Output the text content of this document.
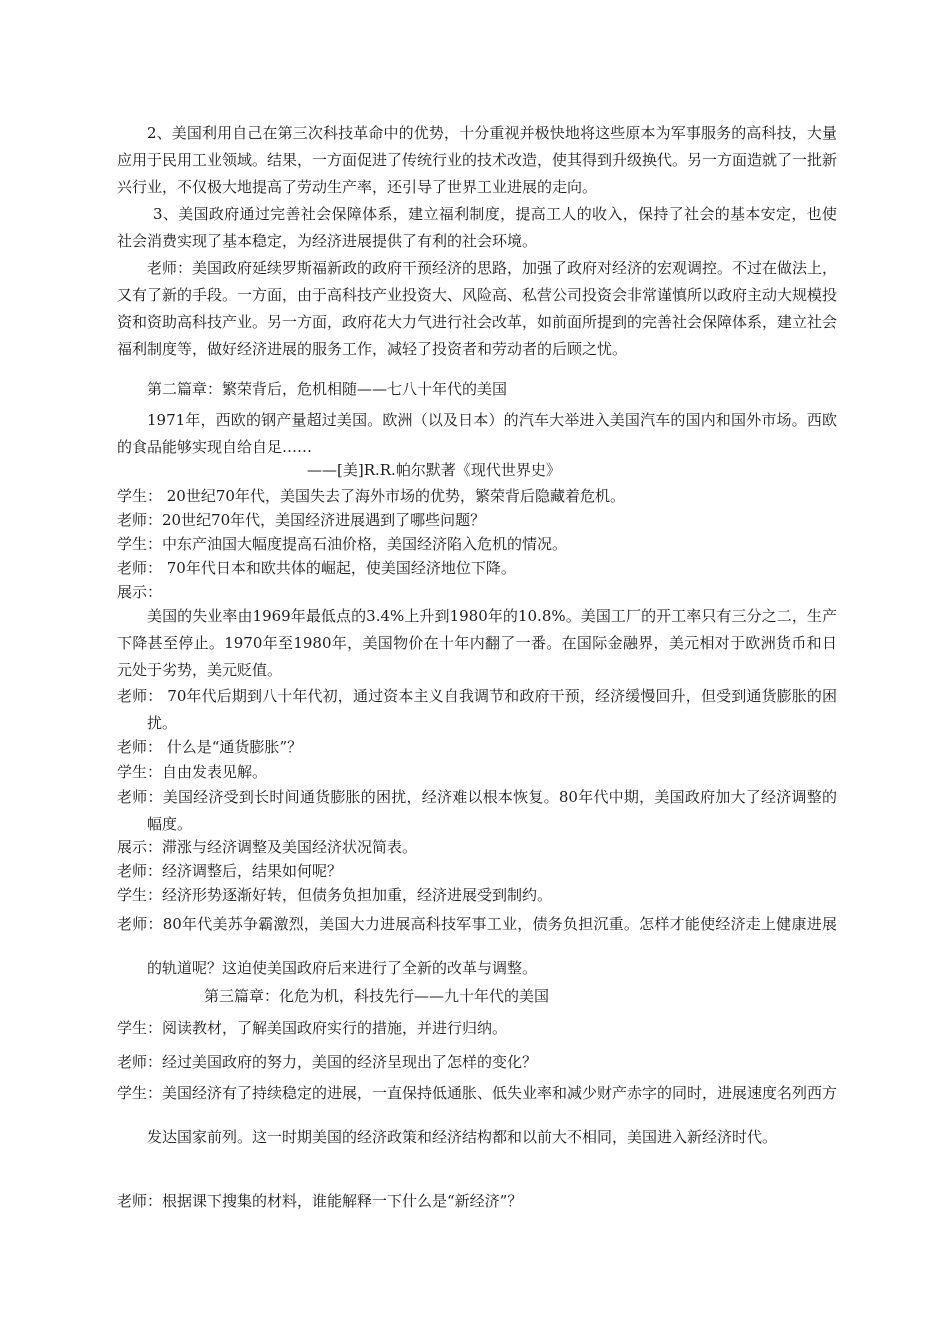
2、美国利用自己在第三次科技革命中的优势，十分重视并极快地将这些原本为军事服务的高科技，大量应用于民用工业领域。结果，一方面促进了传统行业的技术改造，使其得到升级换代。另一方面造就了一批新兴行业，不仅极大地提高了劳动生产率，还引导了世界工业进展的走向。

3、美国政府通过完善社会保障体系，建立福利制度，提高工人的收入，保持了社会的基本安定，也使社会消费实现了基本稳定，为经济进展提供了有利的社会环境。

老师：美国政府延续罗斯福新政的政府干预经济的思路，加强了政府对经济的宏观调控。不过在做法上，又有了新的手段。一方面，由于高科技产业投资大、风险高、私营公司投资会非常谨慎所以政府主动大规模投资和资助高科技产业。另一方面，政府花大力气进行社会改革，如前面所提到的完善社会保障体系，建立社会福利制度等，做好经济进展的服务工作，减轻了投资者和劳动者的后顾之忧。

第二篇章：繁荣背后，危机相随——七八十年代的美国

1971年，西欧的钢产量超过美国。欧洲（以及日本）的汽车大举进入美国汽车的国内和国外市场。西欧的食品能够实现自给自足……

——[美]R.R.帕尔默著《现代世界史》

学生： 20世纪70年代，美国失去了海外市场的优势，繁荣背后隐藏着危机。

老师：20世纪70年代，美国经济进展遇到了哪些问题？

学生：中东产油国大幅度提高石油价格，美国经济陷入危机的情况。

老师： 70年代日本和欧共体的崛起，使美国经济地位下降。

展示：

美国的失业率由1969年最低点的3.4%上升到1980年的10.8%。美国工厂的开工率只有三分之二，生产下降甚至停止。1970年至1980年，美国物价在十年内翻了一番。在国际金融界，美元相对于欧洲货币和日元处于劣势，美元贬值。

老师： 70年代后期到八十年代初，通过资本主义自我调节和政府干预，经济缓慢回升，但受到通货膨胀的困扰。

老师： 什么是“通货膨胀”？

学生：自由发表见解。

老师：美国经济受到长时间通货膨胀的困扰，经济难以根本恢复。80年代中期，美国政府加大了经济调整的幅度。

展示：滞涨与经济调整及美国经济状况简表。

老师：经济调整后，结果如何呢？

学生：经济形势逐渐好转，但债务负担加重，经济进展受到制约。

老师：80年代美苏争霸激烈，美国大力进展高科技军事工业，债务负担沉重。怎样才能使经济走上健康进展的轨道呢？这迫使美国政府后来进行了全新的改革与调整。

第三篇章：化危为机，科技先行——九十年代的美国

学生：阅读教材，了解美国政府实行的措施，并进行归纳。

老师：经过美国政府的努力，美国的经济呈现出了怎样的变化？

学生：美国经济有了持续稳定的进展，一直保持低通胀、低失业率和减少财产赤字的同时，进展速度名列西方发达国家前列。这一时期美国的经济政策和经济结构都和以前大不相同，美国进入新经济时代。

老师：根据课下搜集的材料，谁能解释一下什么是“新经济”？
